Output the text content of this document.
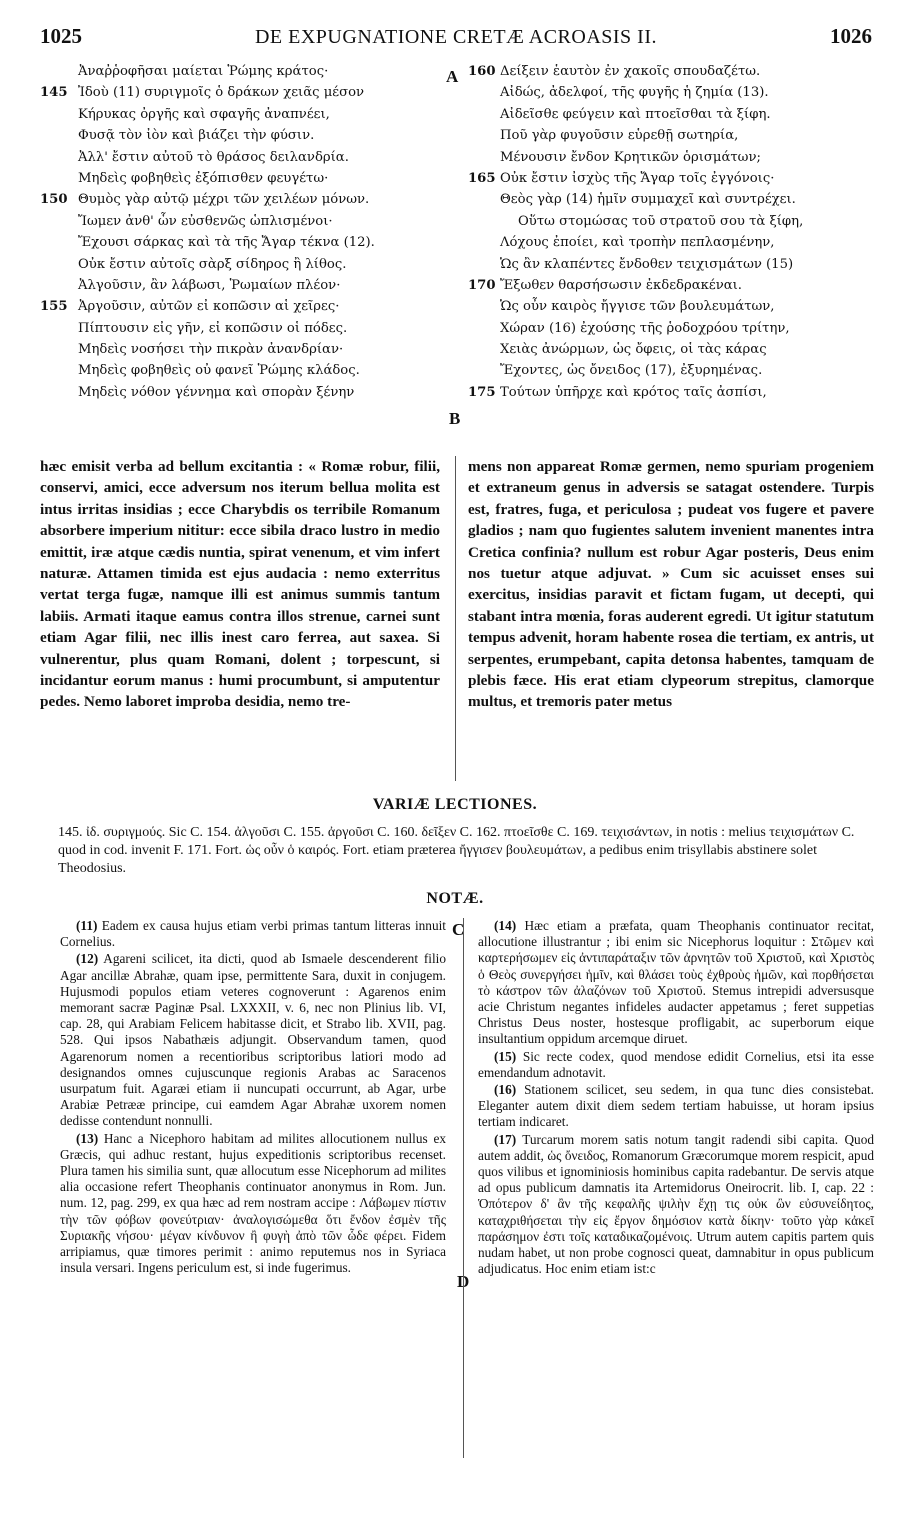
1025	DE EXPUGNATIONE CRETÆ ACROASIS II.	1026
A
B
C
D
Ἀναῤῥοφῆσαι μαίεται Ῥώμης κράτος·
145 Ἰδοὺ (11) συριγμοῖς ὁ δράκων χειᾶς μέσον
Κήρυκας ὀργῆς καὶ σφαγῆς ἀναπνέει,
Φυσᾷ τὸν ἰὸν καὶ βιάζει τὴν φύσιν.
Ἀλλ' ἔστιν αὐτοῦ τὸ θράσος δειλανδρία.
Μηδεὶς φοβηθεὶς ἐξόπισθεν φευγέτω·
150 Θυμὸς γὰρ αὐτῷ μέχρι τῶν χειλέων μόνων.
Ἴωμεν ἀνθ' ὧν εὐσθενῶς ὡπλισμένοι·
Ἔχουσι σάρκας καὶ τὰ τῆς Ἄγαρ τέκνα (12).
Οὐκ ἔστιν αὐτοῖς σὰρξ σίδηρος ἢ λίθος.
Ἀλγοῦσιν, ἂν λάβωσι, Ῥωμαίων πλέον·
155 Ἀργοῦσιν, αὐτῶν εἰ κοπῶσιν αἱ χεῖρες·
Πίπτουσιν εἰς γῆν, εἰ κοπῶσιν οἱ πόδες.
Μηδεὶς νοσήσει τὴν πικρὰν ἀνανδρίαν·
Μηδεὶς φοβηθεὶς οὐ φανεῖ Ῥώμης κλάδος.
Μηδεὶς νόθον γέννημα καὶ σπορὰν ξένην
160 Δείξειν ἑαυτὸν ἐν χακοῖς σπουδαζέτω.
Αἰδώς, ἀδελφοί, τῆς φυγῆς ἡ ζημία (13).
Αἰδεῖσθε φεύγειν καὶ πτοεῖσθαι τὰ ξίφη.
Ποῦ γὰρ φυγοῦσιν εὑρεθῇ σωτηρία,
Μένουσιν ἔνδον Κρητικῶν ὁρισμάτων;
165 Οὐκ ἔστιν ἰσχὺς τῆς Ἄγαρ τοῖς ἐγγόνοις·
Θεὸς γὰρ (14) ἡμῖν συμμαχεῖ καὶ συντρέχει.
Οὕτω στομώσας τοῦ στρατοῦ σου τὰ ξίφη,
Λόχους ἐποίει, καὶ τροπὴν πεπλασμένην,
Ὡς ἂν κλαπέντες ἔνδοθεν τειχισμάτων (15)
170 Ἔξωθεν θαρσήσωσιν ἐκδεδρακέναι.
Ὡς οὖν καιρὸς ἤγγισε τῶν βουλευμάτων,
Χώραν (16) ἐχούσης τῆς ῥοδοχρόου τρίτην,
Χειὰς ἀνώρμων, ὡς ὄφεις, οἱ τὰς κάρας
Ἔχοντες, ὡς ὄνειδος (17), ἐξυρημένας.
175 Τούτων ὑπῆρχε καὶ κρότος ταῖς ἀσπίσι,

hæc emisit verba ad bellum excitantia : « Romæ robur, filii, conservi, amici, ecce adversum nos iterum bellua molita est intus irritas insidias ; ecce Charybdis os terribile Romanum absorbere imperium nititur: ecce sibila draco lustro in medio emittit, iræ atque cædis nuntia, spirat venenum, et vim infert naturæ. Attamen timida est ejus audacia : nemo exterritus vertat terga fugæ, namque illi est animus summis tantum labiis. Armati itaque eamus contra illos strenue, carnei sunt etiam Agar filii, nec illis inest caro ferrea, aut saxea. Si vulnerentur, plus quam Romani, dolent ; torpescunt, si incidantur eorum manus : humi procumbunt, si amputentur pedes. Nemo laboret improba desidia, nemo tre-

mens non appareat Romæ germen, nemo spuriam progeniem et extraneum genus in adversis se satagat ostendere. Turpis est, fratres, fuga, et periculosa ; pudeat vos fugere et pavere gladios ; nam quo fugientes salutem invenient manentes intra Cretica confinia? nullum est robur Agar posteris, Deus enim nos tuetur atque adjuvat. » Cum sic acuisset enses sui exercitus, insidias paravit et fictam fugam, ut decepti, qui stabant intra mœnia, foras auderent egredi. Ut igitur statutum tempus advenit, horam habente rosea die tertiam, ex antris, ut serpentes, erumpebant, capita detonsa habentes, tamquam de plebis fæce. His erat etiam clypeorum strepitus, clamorque multus, et tremoris pater metus

VARIÆ LECTIONES.

145. ἰδ. συριγμούς. Sic C. 154. ἀλγοῦσι C. 155. ἀργοῦσι C. 160. δεῖξεν C. 162. πτοεῖσθε C. 169. τειχισάντων, in notis : melius τειχισμάτων C. quod in cod. invenit F. 171. Fort. ὡς οὖν ὁ καιρός. Fort. etiam præterea ἤγγισεν βουλευμάτων, a pedibus enim trisyllabis abstinere solet Theodosius.

NOTÆ.

(11) Eadem ex causa hujus etiam verbi primas tantum litteras innuit Cornelius.

(12) Agareni scilicet, ita dicti, quod ab Ismaele descenderent filio Agar ancillæ Abrahæ, quam ipse, permittente Sara, duxit in conjugem. Hujusmodi populos etiam veteres cognoverunt : Agarenos enim memorant sacræ Paginæ Psal. LXXXII, v. 6, nec non Plinius lib. VI, cap. 28, qui Arabiam Felicem habitasse dicit, et Strabo lib. XVII, pag. 528. Qui ipsos Nabathæis adjungit. Observandum tamen, quod Agarenorum nomen a recentioribus scriptoribus latiori modo ad designandos omnes cujuscunque regionis Arabas ac Saracenos usurpatum fuit. Agaræi etiam ii nuncupati occurrunt, ab Agar, urbe Arabiæ Petrææ principe, cui eamdem Agar Abrahæ uxorem nomen dedisse contendunt nonnulli.

(13) Hanc a Nicephoro habitam ad milites allocutionem nullus ex Græcis, qui adhuc restant, hujus expeditionis scriptoribus recenset. Plura tamen his similia sunt, quæ allocutum esse Nicephorum ad milites alia occasione refert Theophanis continuator anonymus in Rom. Jun. num. 12, pag. 299, ex qua hæc ad rem nostram accipe : Λάβωμεν πίστιν τὴν τῶν φόβων φονεύτριαν· ἀναλογισώμεθα ὅτι ἔνδον ἐσμὲν τῆς Συριακῆς νήσου· μέγαν κίνδυνον ἢ φυγὴ ἀπὸ τῶν ὧδε φέρει. Fidem arripiamus, quæ timores perimit : animo reputemus nos in Syriaca insula versari. Ingens periculum est, si inde fugerimus.

(14) Hæc etiam a præfata, quam Theophanis continuator recitat, allocutione illustrantur ; ibi enim sic Nicephorus loquitur : Στῶμεν καὶ καρτερήσωμεν εἰς ἀντιπαράταξιν τῶν ἀρνητῶν τοῦ Χριστοῦ, καὶ Χριστὸς ὁ Θεὸς συνεργήσει ἡμῖν, καὶ θλάσει τοὺς ἐχθροὺς ἡμῶν, καὶ πορθήσεται τὸ κάστρον τῶν ἀλαζόνων τοῦ Χριστοῦ. Stemus intrepidi adversusque acie Christum negantes infideles audacter appetamus ; feret suppetias Christus Deus noster, hostesque profligabit, ac superborum eique insultantium oppidum arcemque diruet.

(15) Sic recte codex, quod mendose edidit Cornelius, etsi ita esse emendandum adnotavit.

(16) Stationem scilicet, seu sedem, in qua tunc dies consistebat. Eleganter autem dixit diem sedem tertiam habuisse, ut horam ipsius tertiam indicaret.

(17) Turcarum morem satis notum tangit radendi sibi capita. Quod autem addit, ὡς ὄνειδος, Romanorum Græcorumque morem respicit, apud quos vilibus et ignominiosis hominibus capita radebantur. De servis atque ad opus publicum damnatis ita Artemidorus Oneirocrit. lib. I, cap. 22 : Ὁπότερον δ' ἂν τῆς κεφαλῆς ψιλὴν ἔχῃ τις οὐκ ὢν εὐσυνείδητος, καταχριθήσεται τὴν εἰς ἔργον δημόσιον κατὰ δίκην· τοῦτο γὰρ κἀκεῖ παράσημον ἐστι τοῖς καταδικαζομένοις. Utrum autem capitis partem quis nudam habet, ut non probe cognosci queat, damnabitur in opus publicum adjudicatus. Hoc enim etiam ist:c
